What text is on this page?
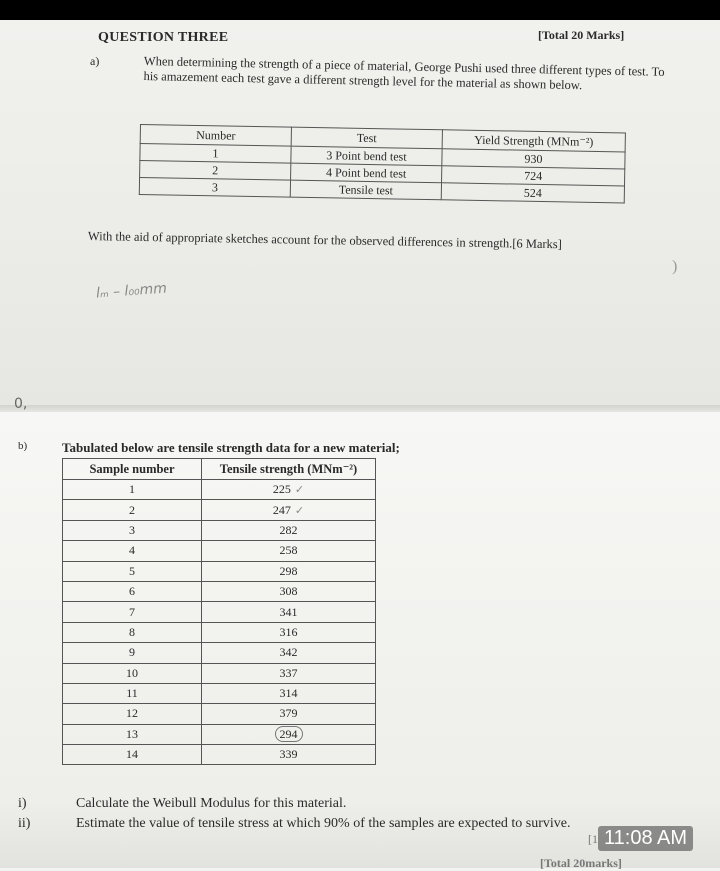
QUESTION THREE	[Total 20 Marks]
a)	When determining the strength of a piece of material, George Pushi used three different types of test. To his amazement each test gave a different strength level for the material as shown below.
Number	Test	Yield Strength (MNm⁻²)
1	3 Point bend test	930
2	4 Point bend test	724
3	Tensile test	524
With the aid of appropriate sketches account for the observed differences in strength.[6 Marks]
)
lₘ – l₀₀mm
0,
b)	Tabulated below are tensile strength data for a new material;
Sample number	Tensile strength (MNm⁻²)
1	225 ✓
2	247 ✓
3	282
4	258
5	298
6	308
7	341
8	316
9	342
10	337
11	314
12	379
13	294
14	339
i)	Calculate the Weibull Modulus for this material.
ii)	Estimate the value of tensile stress at which 90% of the samples are expected to survive.
[1 11:08 AM
[Total 20marks]
